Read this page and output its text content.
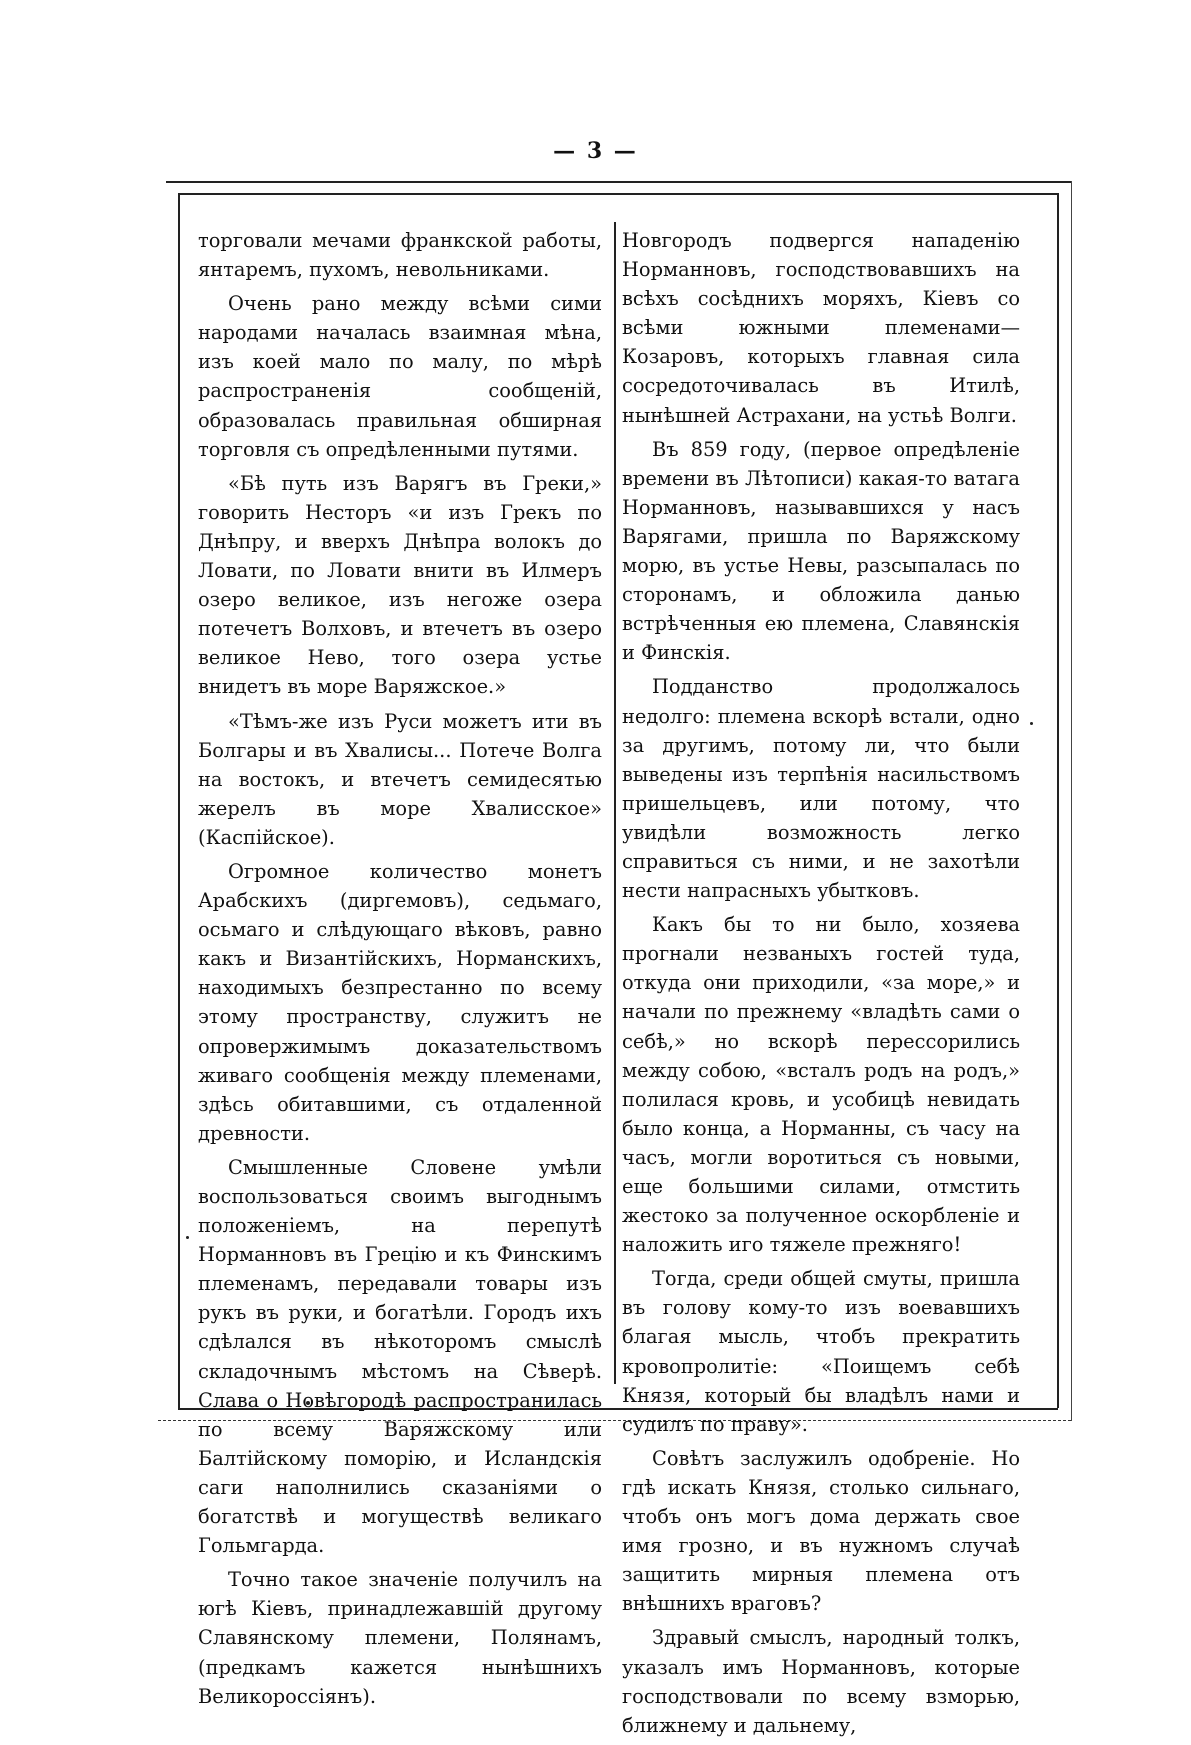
— 3 —

торговали мечами франкской работы, янтаремъ, пухомъ, невольниками.

Очень рано между всѣми сими народами началась взаимная мѣна, изъ коей мало по малу, по мѣрѣ распространенія сообщеній, образовалась правильная обширная торговля съ опредѣленными путями.

«Бѣ путь изъ Варягъ въ Греки,» говорить Несторъ «и изъ Грекъ по Днѣпру, и вверхъ Днѣпра волокъ до Ловати, по Ловати внити въ Илмеръ озеро великое, изъ негоже озера потечетъ Волховъ, и втечетъ въ озеро великое Нево, того озера устье внидетъ въ море Варяжское.»

«Тѣмъ-же изъ Руси можетъ ити въ Болгары и въ Хвалисы... Потече Волга на востокъ, и втечетъ семидесятью жерелъ въ море Хвалисское» (Каспійское).

Огромное количество монетъ Арабскихъ (диргемовъ), седьмаго, осьмаго и слѣдующаго вѣковъ, равно какъ и Византійскихъ, Норманскихъ, находимыхъ безпрестанно по всему этому пространству, служитъ не опровержимымъ доказательствомъ живаго сообщенія между племенами, здѣсь обитавшими, съ отдаленной древности.

Смышленные Словене умѣли воспользоваться своимъ выгоднымъ положеніемъ, на перепутѣ Норманновъ въ Грецію и къ Финскимъ племенамъ, передавали товары изъ рукъ въ руки, и богатѣли. Городъ ихъ сдѣлался въ нѣкоторомъ смыслѣ складочнымъ мѣстомъ на Сѣверѣ. Слава о Новѣгородѣ распространилась по всему Варяжскому или Балтійскому поморію, и Исландскія саги наполнились сказаніями о богатствѣ и могуществѣ великаго Гольмгарда.

Точно такое значеніе получилъ на югѣ Кіевъ, принадлежавшій другому Славянскому племени, Полянамъ, (предкамъ кажется нынѣшнихъ Великороссіянъ).

Новгородъ подвергся нападенію Норманновъ, господствовавшихъ на всѣхъ сосѣднихъ моряхъ, Кіевъ со всѣми южными племенами—Козаровъ, которыхъ главная сила сосредоточивалась въ Итилѣ, нынѣшней Астрахани, на устьѣ Волги.

Въ 859 году, (первое опредѣленіе времени въ Лѣтописи) какая-то ватага Норманновъ, называвшихся у насъ Варягами, пришла по Варяжскому морю, въ устье Невы, разсыпалась по сторонамъ, и обложила данью встрѣченныя ею племена, Славянскія и Финскія.

Подданство продолжалось недолго: племена вскорѣ встали, одно за другимъ, потому ли, что были выведены изъ терпѣнія насильствомъ пришельцевъ, или потому, что увидѣли возможность легко справиться съ ними, и не захотѣли нести напрасныхъ убытковъ.

Какъ бы то ни было, хозяева прогнали незваныхъ гостей туда, откуда они приходили, «за море,» и начали по прежнему «владѣть сами о себѣ,» но вскорѣ перессорились между собою, «всталъ родъ на родъ,» полилася кровь, и усобицѣ невидать было конца, а Норманны, съ часу на часъ, могли воротиться съ новыми, еще большими силами, отмстить жестоко за полученное оскорбленіе и наложить иго тяжеле прежняго!

Тогда, среди общей смуты, пришла въ голову кому-то изъ воевавшихъ благая мысль, чтобъ прекратить кровопролитіе: «Поищемъ себѣ Князя, который бы владѣлъ нами и судилъ по праву».

Совѣтъ заслужилъ одобреніе. Но гдѣ искать Князя, столько сильнаго, чтобъ онъ могъ дома держать свое имя грозно, и въ нужномъ случаѣ защитить мирныя племена отъ внѣшнихъ враговъ?

Здравый смыслъ, народный толкъ, указалъ имъ Норманновъ, которые господствовали по всему взморью, ближнему и дальнему,
